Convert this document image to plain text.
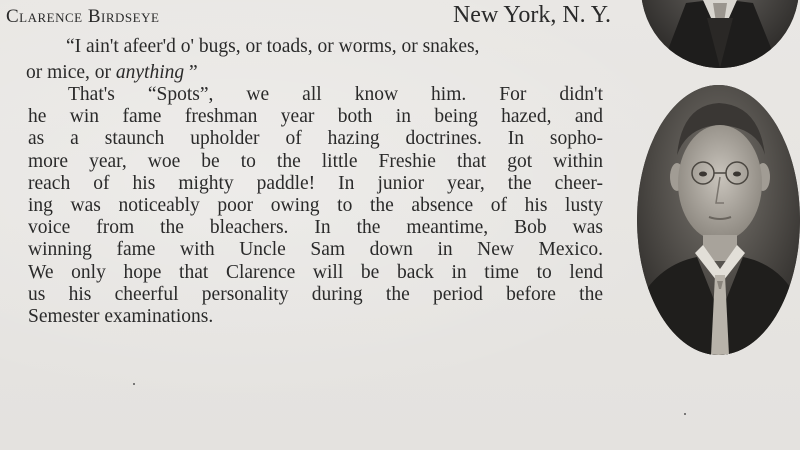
Clarence Birdseye	New York, N. Y.
“I ain't afeer'd o' bugs, or toads, or worms, or snakes,
or mice, or anything ”
That's “Spots”, we all know him. For didn't
he win fame freshman year both in being hazed, and
as a staunch upholder of hazing doctrines. In sopho-
more year, woe be to the little Freshie that got within
reach of his mighty paddle! In junior year, the cheer-
ing was noticeably poor owing to the absence of his lusty
voice from the bleachers. In the meantime, Bob was
winning fame with Uncle Sam down in New Mexico.
We only hope that Clarence will be back in time to lend
us his cheerful personality during the period before the
Semester examinations.
